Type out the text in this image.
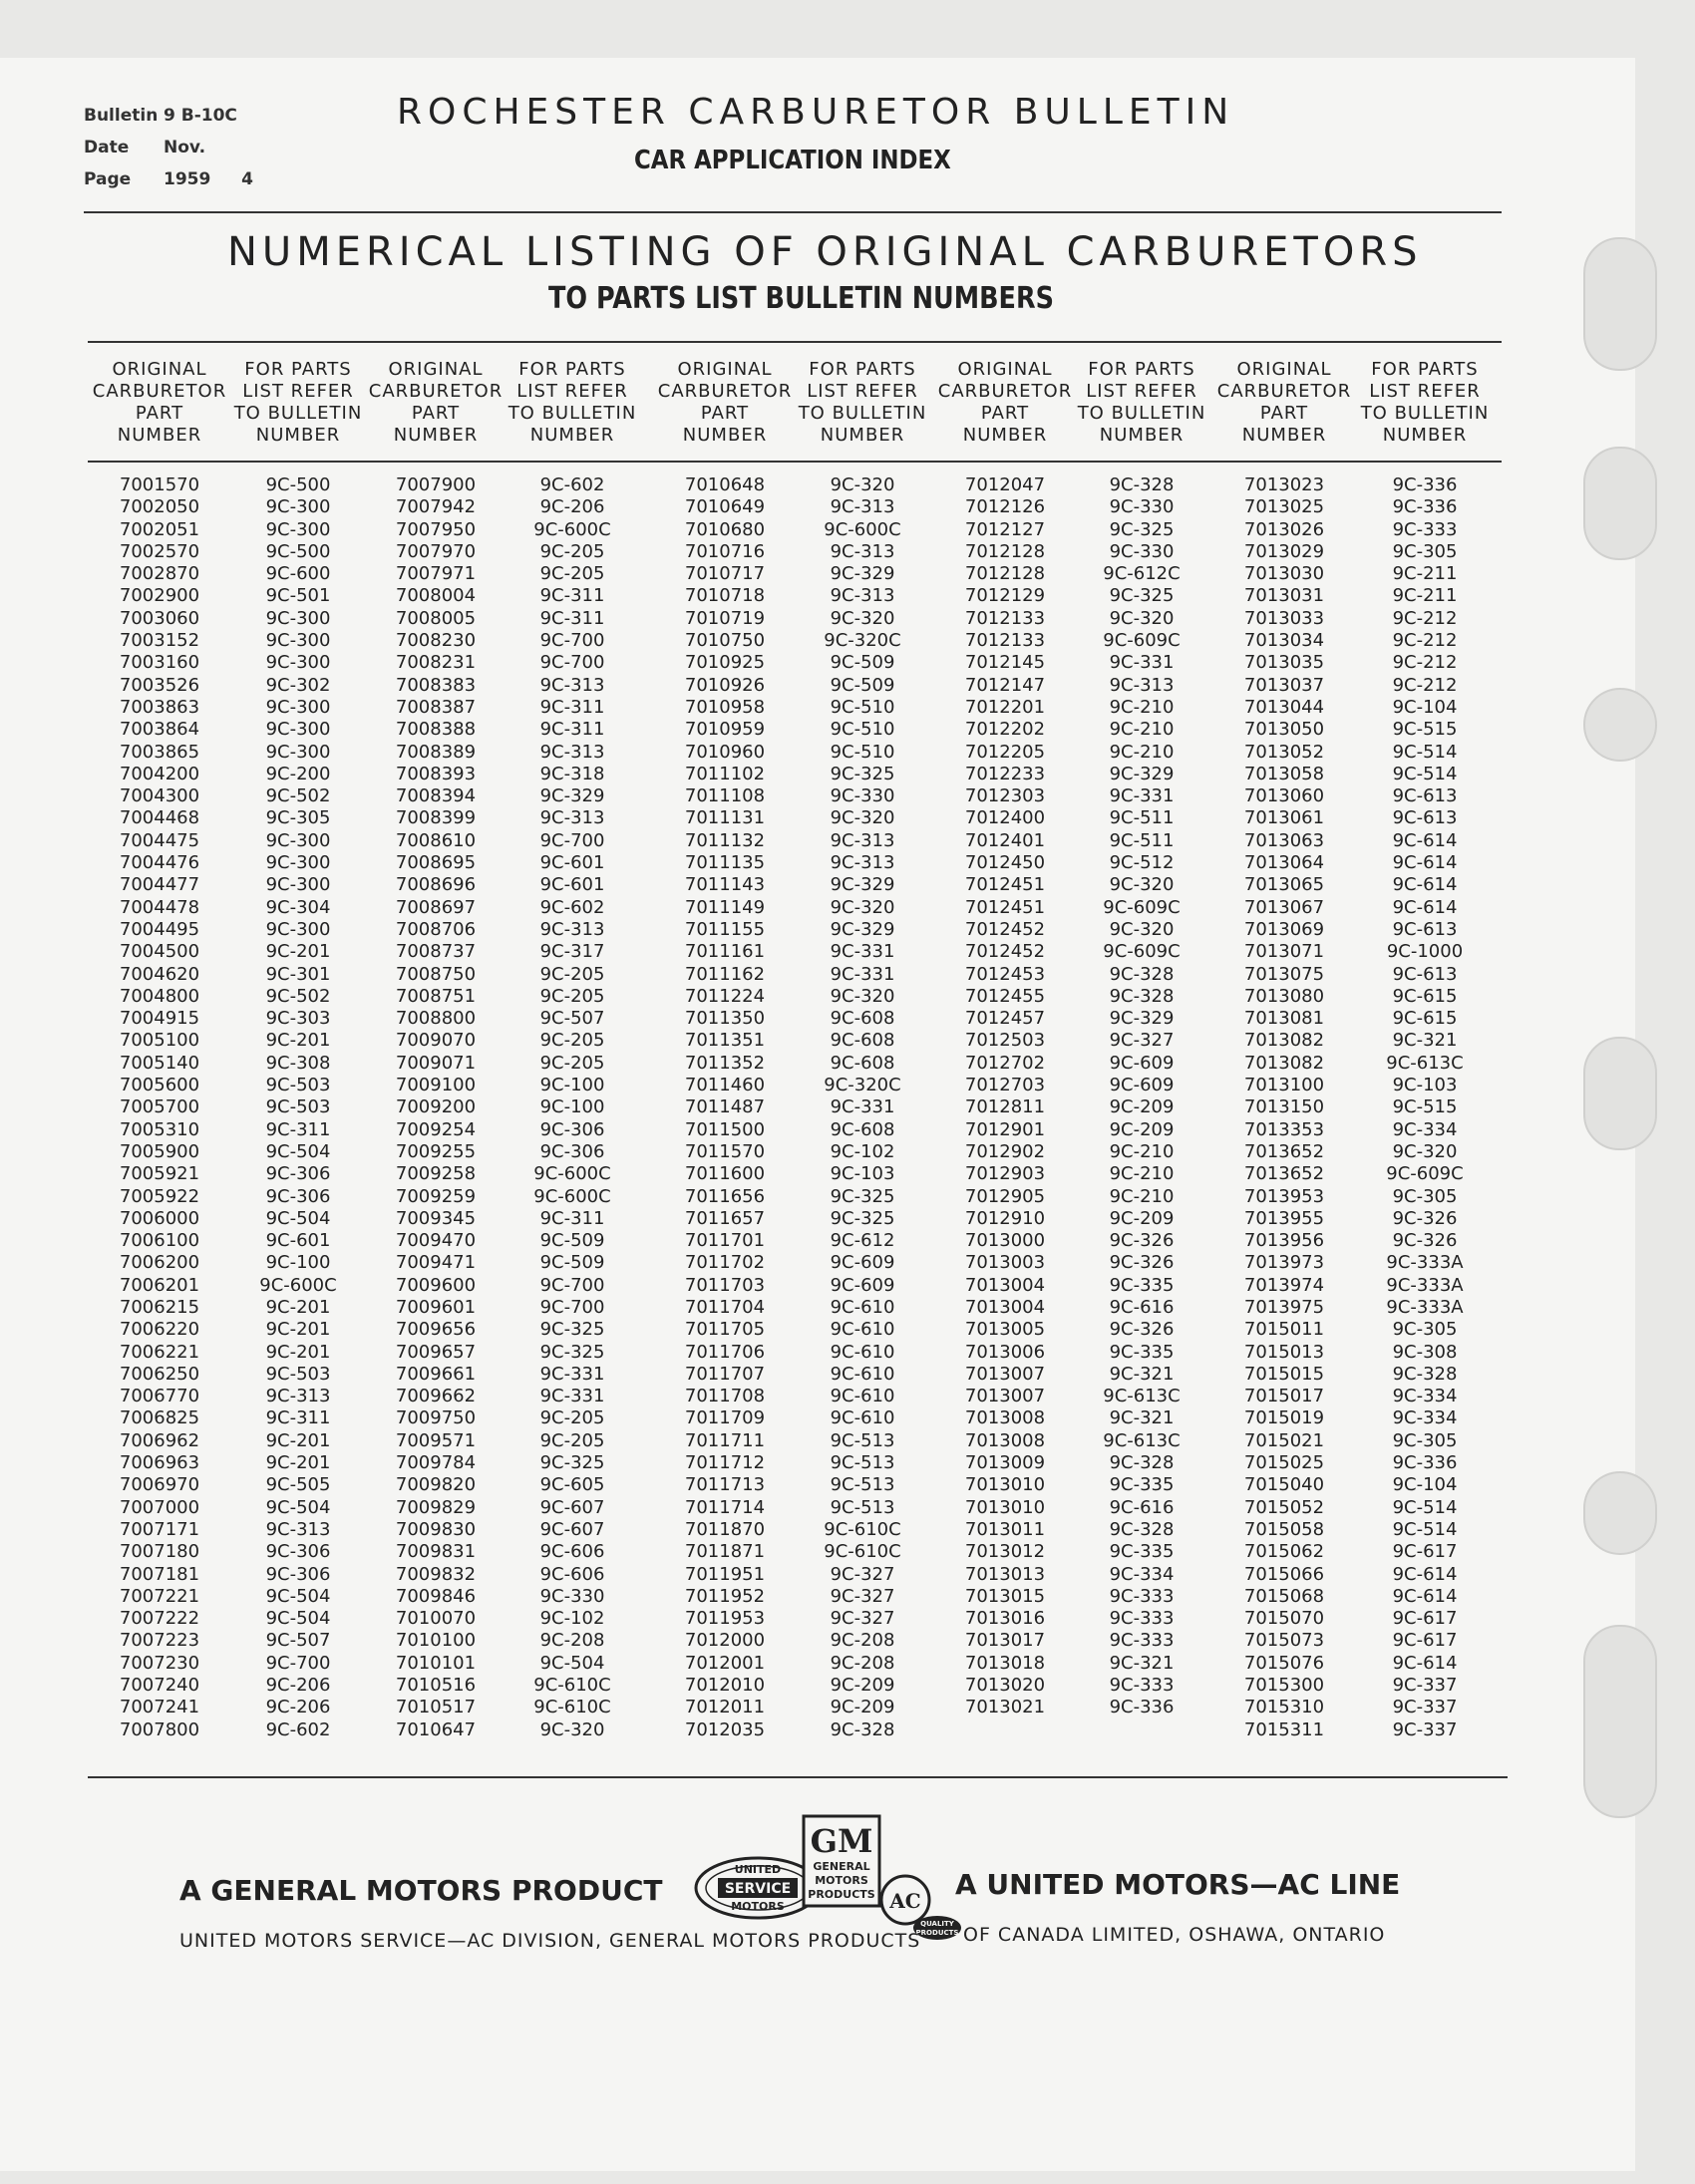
Bulletin 9 B-10C
Date Nov. 1959
Page	4
ROCHESTER CARBURETOR BULLETIN
CAR APPLICATION INDEX
NUMERICAL LISTING OF ORIGINAL CARBURETORS
TO PARTS LIST BULLETIN NUMBERS
ORIGINAL
CARBURETOR
PART
NUMBER
FOR PARTS
LIST REFER
TO BULLETIN
NUMBER
ORIGINAL
CARBURETOR
PART
NUMBER
FOR PARTS
LIST REFER
TO BULLETIN
NUMBER
ORIGINAL
CARBURETOR
PART
NUMBER
FOR PARTS
LIST REFER
TO BULLETIN
NUMBER
ORIGINAL
CARBURETOR
PART
NUMBER
FOR PARTS
LIST REFER
TO BULLETIN
NUMBER
ORIGINAL
CARBURETOR
PART
NUMBER
FOR PARTS
LIST REFER
TO BULLETIN
NUMBER
7001570
7002050
7002051
7002570
7002870
7002900
7003060
7003152
7003160
7003526
7003863
7003864
7003865
7004200
7004300
7004468
7004475
7004476
7004477
7004478
7004495
7004500
7004620
7004800
7004915
7005100
7005140
7005600
7005700
7005310
7005900
7005921
7005922
7006000
7006100
7006200
7006201
7006215
7006220
7006221
7006250
7006770
7006825
7006962
7006963
7006970
7007000
7007171
7007180
7007181
7007221
7007222
7007223
7007230
7007240
7007241
7007800
9C-500
9C-300
9C-300
9C-500
9C-600
9C-501
9C-300
9C-300
9C-300
9C-302
9C-300
9C-300
9C-300
9C-200
9C-502
9C-305
9C-300
9C-300
9C-300
9C-304
9C-300
9C-201
9C-301
9C-502
9C-303
9C-201
9C-308
9C-503
9C-503
9C-311
9C-504
9C-306
9C-306
9C-504
9C-601
9C-100
9C-600C
9C-201
9C-201
9C-201
9C-503
9C-313
9C-311
9C-201
9C-201
9C-505
9C-504
9C-313
9C-306
9C-306
9C-504
9C-504
9C-507
9C-700
9C-206
9C-206
9C-602
7007900
7007942
7007950
7007970
7007971
7008004
7008005
7008230
7008231
7008383
7008387
7008388
7008389
7008393
7008394
7008399
7008610
7008695
7008696
7008697
7008706
7008737
7008750
7008751
7008800
7009070
7009071
7009100
7009200
7009254
7009255
7009258
7009259
7009345
7009470
7009471
7009600
7009601
7009656
7009657
7009661
7009662
7009750
7009571
7009784
7009820
7009829
7009830
7009831
7009832
7009846
7010070
7010100
7010101
7010516
7010517
7010647
9C-602
9C-206
9C-600C
9C-205
9C-205
9C-311
9C-311
9C-700
9C-700
9C-313
9C-311
9C-311
9C-313
9C-318
9C-329
9C-313
9C-700
9C-601
9C-601
9C-602
9C-313
9C-317
9C-205
9C-205
9C-507
9C-205
9C-205
9C-100
9C-100
9C-306
9C-306
9C-600C
9C-600C
9C-311
9C-509
9C-509
9C-700
9C-700
9C-325
9C-325
9C-331
9C-331
9C-205
9C-205
9C-325
9C-605
9C-607
9C-607
9C-606
9C-606
9C-330
9C-102
9C-208
9C-504
9C-610C
9C-610C
9C-320
7010648
7010649
7010680
7010716
7010717
7010718
7010719
7010750
7010925
7010926
7010958
7010959
7010960
7011102
7011108
7011131
7011132
7011135
7011143
7011149
7011155
7011161
7011162
7011224
7011350
7011351
7011352
7011460
7011487
7011500
7011570
7011600
7011656
7011657
7011701
7011702
7011703
7011704
7011705
7011706
7011707
7011708
7011709
7011711
7011712
7011713
7011714
7011870
7011871
7011951
7011952
7011953
7012000
7012001
7012010
7012011
7012035
9C-320
9C-313
9C-600C
9C-313
9C-329
9C-313
9C-320
9C-320C
9C-509
9C-509
9C-510
9C-510
9C-510
9C-325
9C-330
9C-320
9C-313
9C-313
9C-329
9C-320
9C-329
9C-331
9C-331
9C-320
9C-608
9C-608
9C-608
9C-320C
9C-331
9C-608
9C-102
9C-103
9C-325
9C-325
9C-612
9C-609
9C-609
9C-610
9C-610
9C-610
9C-610
9C-610
9C-610
9C-513
9C-513
9C-513
9C-513
9C-610C
9C-610C
9C-327
9C-327
9C-327
9C-208
9C-208
9C-209
9C-209
9C-328
7012047
7012126
7012127
7012128
7012128
7012129
7012133
7012133
7012145
7012147
7012201
7012202
7012205
7012233
7012303
7012400
7012401
7012450
7012451
7012451
7012452
7012452
7012453
7012455
7012457
7012503
7012702
7012703
7012811
7012901
7012902
7012903
7012905
7012910
7013000
7013003
7013004
7013004
7013005
7013006
7013007
7013007
7013008
7013008
7013009
7013010
7013010
7013011
7013012
7013013
7013015
7013016
7013017
7013018
7013020
7013021
9C-328
9C-330
9C-325
9C-330
9C-612C
9C-325
9C-320
9C-609C
9C-331
9C-313
9C-210
9C-210
9C-210
9C-329
9C-331
9C-511
9C-511
9C-512
9C-320
9C-609C
9C-320
9C-609C
9C-328
9C-328
9C-329
9C-327
9C-609
9C-609
9C-209
9C-209
9C-210
9C-210
9C-210
9C-209
9C-326
9C-326
9C-335
9C-616
9C-326
9C-335
9C-321
9C-613C
9C-321
9C-613C
9C-328
9C-335
9C-616
9C-328
9C-335
9C-334
9C-333
9C-333
9C-333
9C-321
9C-333
9C-336
7013023
7013025
7013026
7013029
7013030
7013031
7013033
7013034
7013035
7013037
7013044
7013050
7013052
7013058
7013060
7013061
7013063
7013064
7013065
7013067
7013069
7013071
7013075
7013080
7013081
7013082
7013082
7013100
7013150
7013353
7013652
7013652
7013953
7013955
7013956
7013973
7013974
7013975
7015011
7015013
7015015
7015017
7015019
7015021
7015025
7015040
7015052
7015058
7015062
7015066
7015068
7015070
7015073
7015076
7015300
7015310
7015311
9C-336
9C-336
9C-333
9C-305
9C-211
9C-211
9C-212
9C-212
9C-212
9C-212
9C-104
9C-515
9C-514
9C-514
9C-613
9C-613
9C-614
9C-614
9C-614
9C-614
9C-613
9C-1000
9C-613
9C-615
9C-615
9C-321
9C-613C
9C-103
9C-515
9C-334
9C-320
9C-609C
9C-305
9C-326
9C-326
9C-333A
9C-333A
9C-333A
9C-305
9C-308
9C-328
9C-334
9C-334
9C-305
9C-336
9C-104
9C-514
9C-514
9C-617
9C-614
9C-614
9C-617
9C-617
9C-614
9C-337
9C-337
9C-337
A GENERAL MOTORS PRODUCT	A UNITED MOTORS—AC LINE
UNITED
SERVICE
MOTORS
GM
GENERAL
MOTORS
PRODUCTS AC
QUALITY
PRODUCTS
UNITED MOTORS SERVICE—AC DIVISION, GENERAL MOTORS PRODUCTS OF CANADA LIMITED, OSHAWA, ONTARIO
